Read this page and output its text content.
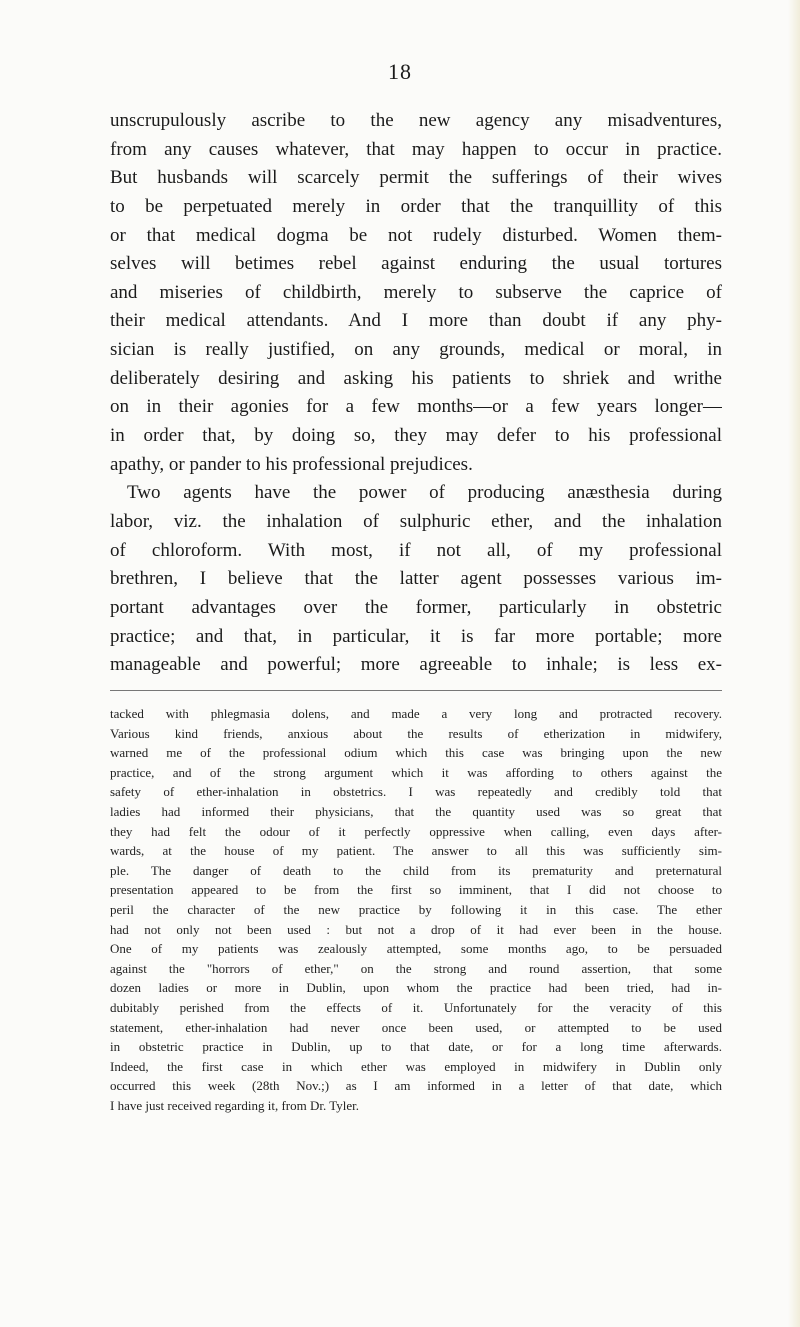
18
unscrupulously ascribe to the new agency any misadventures,
from any causes whatever, that may happen to occur in practice.
But husbands will scarcely permit the sufferings of their wives
to be perpetuated merely in order that the tranquillity of this
or that medical dogma be not rudely disturbed. Women them-
selves will betimes rebel against enduring the usual tortures
and miseries of childbirth, merely to subserve the caprice of
their medical attendants. And I more than doubt if any phy-
sician is really justified, on any grounds, medical or moral, in
deliberately desiring and asking his patients to shriek and writhe
on in their agonies for a few months—or a few years longer—
in order that, by doing so, they may defer to his professional
apathy, or pander to his professional prejudices.
Two agents have the power of producing anæsthesia during
labor, viz. the inhalation of sulphuric ether, and the inhalation
of chloroform. With most, if not all, of my professional
brethren, I believe that the latter agent possesses various im-
portant advantages over the former, particularly in obstetric
practice; and that, in particular, it is far more portable; more
manageable and powerful; more agreeable to inhale; is less ex-
tacked with phlegmasia dolens, and made a very long and protracted recovery.
Various kind friends, anxious about the results of etherization in midwifery,
warned me of the professional odium which this case was bringing upon the new
practice, and of the strong argument which it was affording to others against the
safety of ether-inhalation in obstetrics. I was repeatedly and credibly told that
ladies had informed their physicians, that the quantity used was so great that
they had felt the odour of it perfectly oppressive when calling, even days after-
wards, at the house of my patient. The answer to all this was sufficiently sim-
ple. The danger of death to the child from its prematurity and preternatural
presentation appeared to be from the first so imminent, that I did not choose to
peril the character of the new practice by following it in this case. The ether
had not only not been used : but not a drop of it had ever been in the house.
One of my patients was zealously attempted, some months ago, to be persuaded
against the "horrors of ether," on the strong and round assertion, that some
dozen ladies or more in Dublin, upon whom the practice had been tried, had in-
dubitably perished from the effects of it. Unfortunately for the veracity of this
statement, ether-inhalation had never once been used, or attempted to be used
in obstetric practice in Dublin, up to that date, or for a long time afterwards.
Indeed, the first case in which ether was employed in midwifery in Dublin only
occurred this week (28th Nov.;) as I am informed in a letter of that date, which
I have just received regarding it, from Dr. Tyler.
